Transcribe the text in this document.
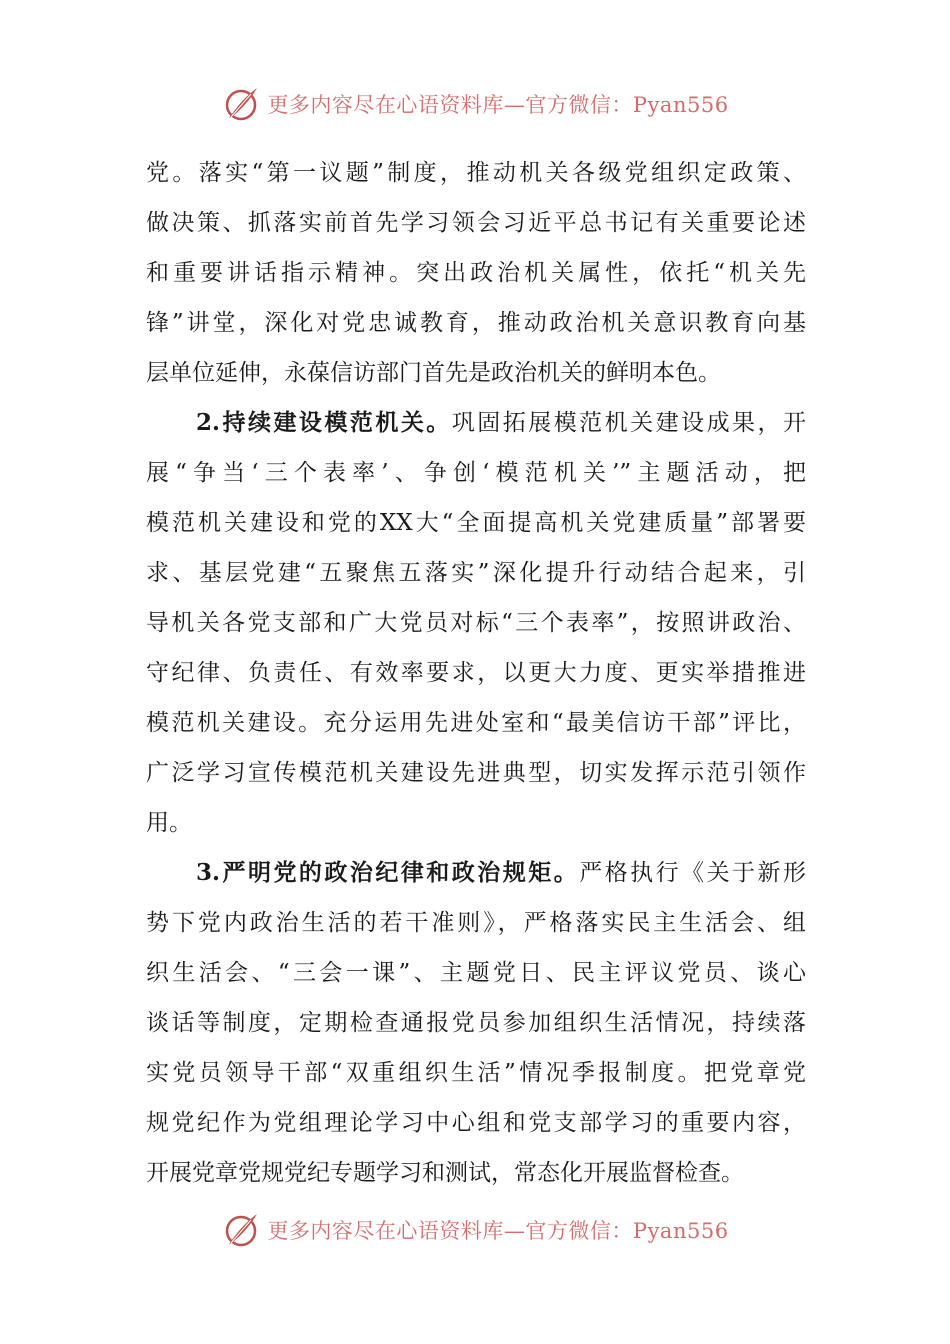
更多内容尽在心语资料库—官方微信：Pyan556
党。落实“第一议题”制度，推动机关各级党组织定政策、
做决策、抓落实前首先学习领会习近平总书记有关重要论述
和重要讲话指示精神。突出政治机关属性，依托“机关先
锋”讲堂，深化对党忠诚教育，推动政治机关意识教育向基
层单位延伸，永葆信访部门首先是政治机关的鲜明本色。
2.持续建设模范机关。巩固拓展模范机关建设成果，开
展“争当‘三个表率’、争创‘模范机关’”主题活动，把
模范机关建设和党的XX大“全面提高机关党建质量”部署要
求、基层党建“五聚焦五落实”深化提升行动结合起来，引
导机关各党支部和广大党员对标“三个表率”，按照讲政治、
守纪律、负责任、有效率要求，以更大力度、更实举措推进
模范机关建设。充分运用先进处室和“最美信访干部”评比，
广泛学习宣传模范机关建设先进典型，切实发挥示范引领作
用。
3.严明党的政治纪律和政治规矩。严格执行《关于新形
势下党内政治生活的若干准则》，严格落实民主生活会、组
织生活会、“三会一课”、主题党日、民主评议党员、谈心
谈话等制度，定期检查通报党员参加组织生活情况，持续落
实党员领导干部“双重组织生活”情况季报制度。把党章党
规党纪作为党组理论学习中心组和党支部学习的重要内容，
开展党章党规党纪专题学习和测试，常态化开展监督检查。
更多内容尽在心语资料库—官方微信：Pyan556
